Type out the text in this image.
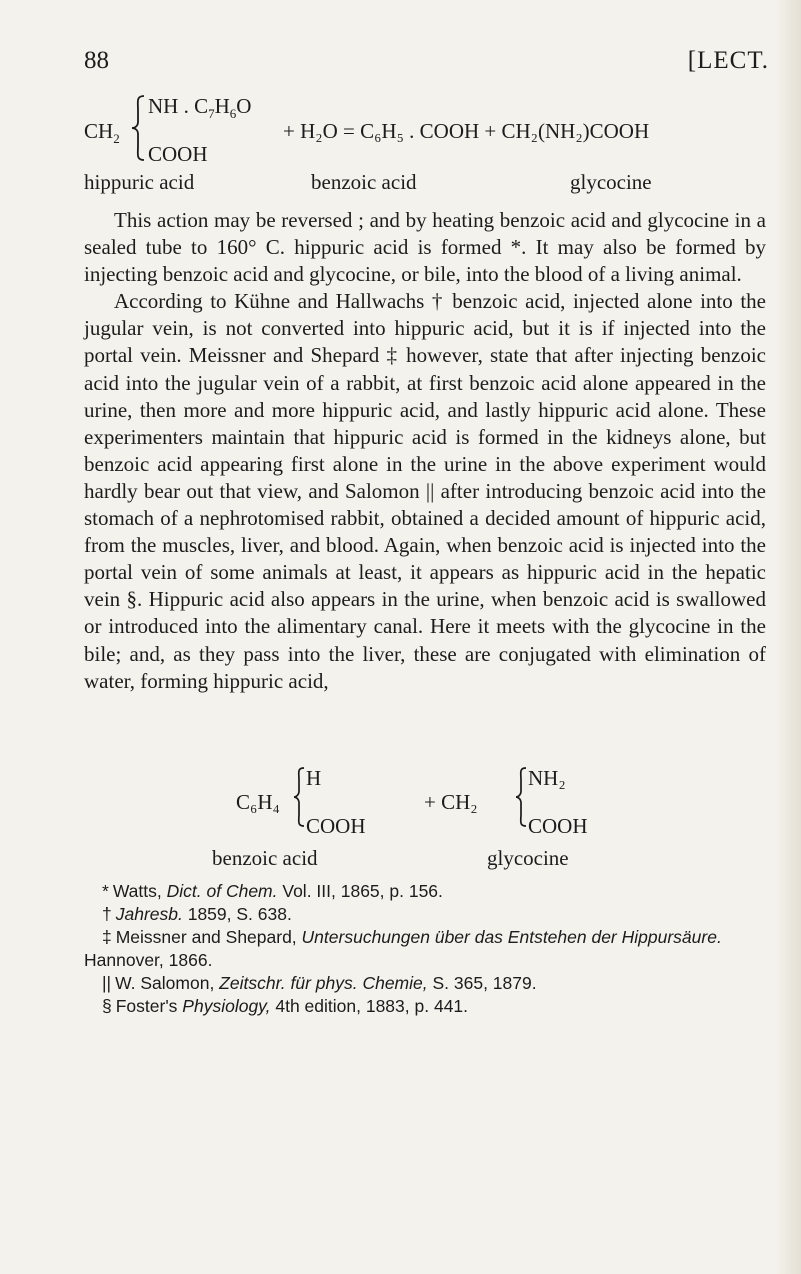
88	[LECT.
$CH_2$
NH . $C_7H_6O$
COOH
+ H₂O = C₆H₅ . COOH + CH₂(NH₂)COOH
hippuric acid	benzoic acid	glycocine

This action may be reversed ; and by heating benzoic acid and glycocine in a sealed tube to 160° C. hippuric acid is formed *. It may also be formed by injecting benzoic acid and glycocine, or bile, into the blood of a living animal.

According to Kühne and Hallwachs † benzoic acid, injected alone into the jugular vein, is not converted into hippuric acid, but it is if injected into the portal vein. Meissner and Shepard ‡ however, state that after injecting benzoic acid into the jugular vein of a rabbit, at first benzoic acid alone appeared in the urine, then more and more hippuric acid, and lastly hippuric acid alone. These experimenters maintain that hippuric acid is formed in the kidneys alone, but benzoic acid appearing first alone in the urine in the above experiment would hardly bear out that view, and Salomon || after introducing benzoic acid into the stomach of a nephrotomised rabbit, obtained a decided amount of hippuric acid, from the muscles, liver, and blood. Again, when benzoic acid is injected into the portal vein of some animals at least, it appears as hippuric acid in the hepatic vein §. Hippuric acid also appears in the urine, when benzoic acid is swallowed or introduced into the alimentary canal. Here it meets with the glycocine in the bile; and, as they pass into the liver, these are conjugated with elimination of water, forming hippuric acid,

C₆H₄
H
COOH
+ CH₂
NH₂
COOH
benzoic acid	glycocine

* Watts, Dict. of Chem. Vol. III, 1865, p. 156.

† Jahresb. 1859, S. 638.

‡ Meissner and Shepard, Untersuchungen über das Entstehen der Hippursäure. Hannover, 1866.

|| W. Salomon, Zeitschr. für phys. Chemie, S. 365, 1879.

§ Foster's Physiology, 4th edition, 1883, p. 441.
